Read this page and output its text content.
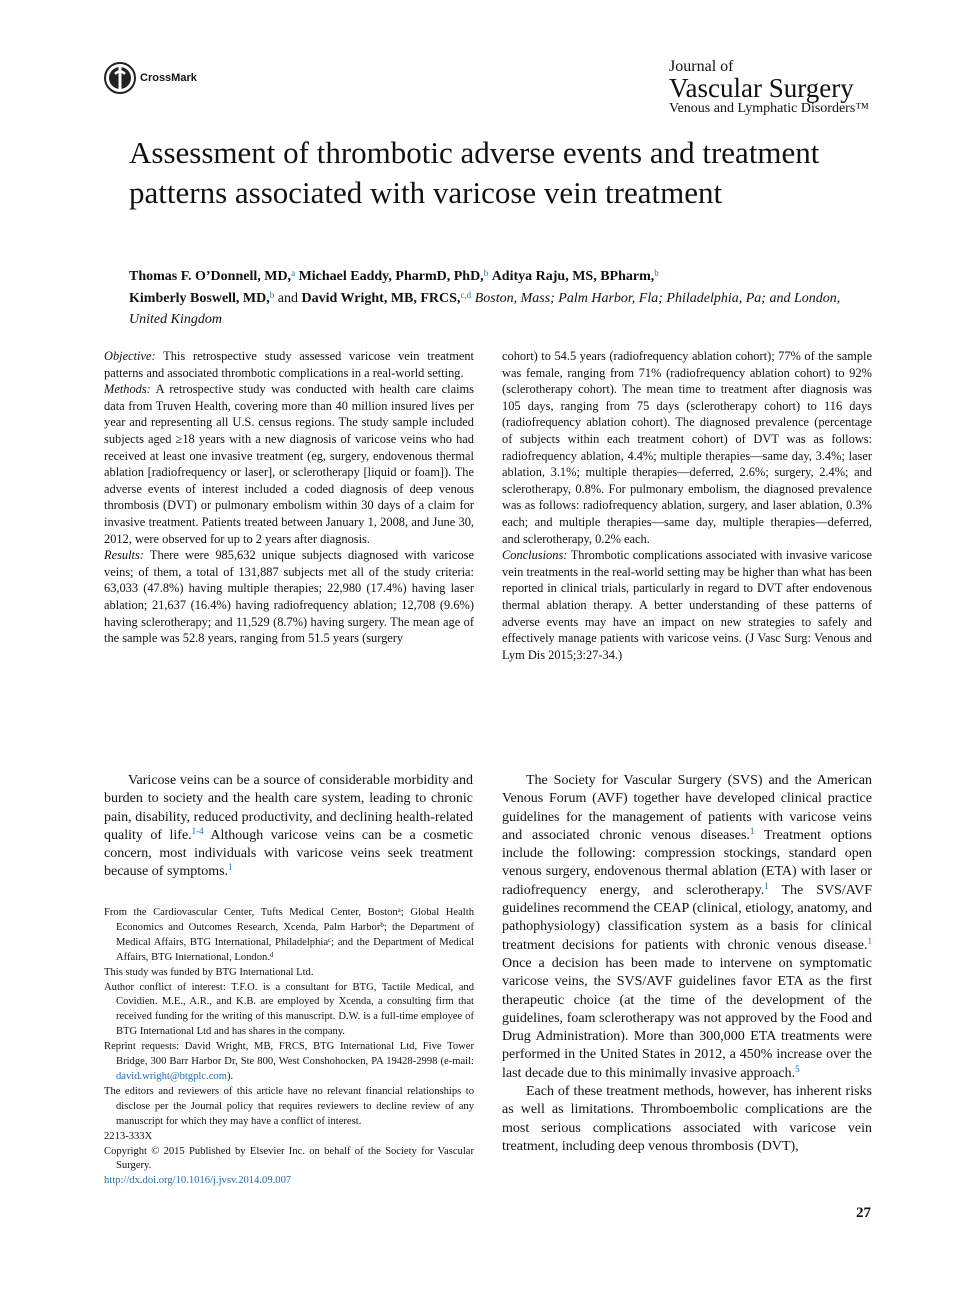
CrossMark
Journal of
Vascular Surgery
Venous and Lymphatic Disorders™
Assessment of thrombotic adverse events and treatment patterns associated with varicose vein treatment
Thomas F. O’Donnell, MD,$^a$ Michael Eaddy, PharmD, PhD,$^b$ Aditya Raju, MS, BPharm,$^b$
Kimberly Boswell, MD,$^b$ and David Wright, MB, FRCS,$^{c,d}$ Boston, Mass; Palm Harbor, Fla; Philadelphia, Pa; and London, United Kingdom

Objective: This retrospective study assessed varicose vein treatment patterns and associated thrombotic complications in a real-world setting.

Methods: A retrospective study was conducted with health care claims data from Truven Health, covering more than 40 million insured lives per year and representing all U.S. census regions. The study sample included subjects aged ≥18 years with a new diagnosis of varicose veins who had received at least one invasive treatment (eg, surgery, endovenous thermal ablation [radiofrequency or laser], or sclerotherapy [liquid or foam]). The adverse events of interest included a coded diagnosis of deep venous thrombosis (DVT) or pulmonary embolism within 30 days of a claim for invasive treatment. Patients treated between January 1, 2008, and June 30, 2012, were observed for up to 2 years after diagnosis.

Results: There were 985,632 unique subjects diagnosed with varicose veins; of them, a total of 131,887 subjects met all of the study criteria: 63,033 (47.8%) having multiple therapies; 22,980 (17.4%) having laser ablation; 21,637 (16.4%) having radiofrequency ablation; 12,708 (9.6%) having sclerotherapy; and 11,529 (8.7%) having surgery. The mean age of the sample was 52.8 years, ranging from 51.5 years (surgery

cohort) to 54.5 years (radiofrequency ablation cohort); 77% of the sample was female, ranging from 71% (radiofrequency ablation cohort) to 92% (sclerotherapy cohort). The mean time to treatment after diagnosis was 105 days, ranging from 75 days (sclerotherapy cohort) to 116 days (radiofrequency ablation cohort). The diagnosed prevalence (percentage of subjects within each treatment cohort) of DVT was as follows: radiofrequency ablation, 4.4%; multiple therapies—same day, 3.4%; laser ablation, 3.1%; multiple therapies—deferred, 2.6%; surgery, 2.4%; and sclerotherapy, 0.8%. For pulmonary embolism, the diagnosed prevalence was as follows: radiofrequency ablation, surgery, and laser ablation, 0.3% each; and multiple therapies—same day, multiple therapies—deferred, and sclerotherapy, 0.2% each.

Conclusions: Thrombotic complications associated with invasive varicose vein treatments in the real-world setting may be higher than what has been reported in clinical trials, particularly in regard to DVT after endovenous thermal ablation therapy. A better understanding of these patterns of adverse events may have an impact on new strategies to safely and effectively manage patients with varicose veins. (J Vasc Surg: Venous and Lym Dis 2015;3:27-34.)

Varicose veins can be a source of considerable morbidity and burden to society and the health care system, leading to chronic pain, disability, reduced productivity, and declining health-related quality of life.$^{1-4}$ Although varicose veins can be a cosmetic concern, most individuals with varicose veins seek treatment because of symptoms.$^1$

From the Cardiovascular Center, Tufts Medical Center, Boston$^a$; Global Health Economics and Outcomes Research, Xcenda, Palm Harbor$^b$; the Department of Medical Affairs, BTG International, Philadelphia$^c$; and the Department of Medical Affairs, BTG International, London.$^d$

This study was funded by BTG International Ltd.

Author conflict of interest: T.F.O. is a consultant for BTG, Tactile Medical, and Covidien. M.E., A.R., and K.B. are employed by Xcenda, a consulting firm that received funding for the writing of this manuscript. D.W. is a full-time employee of BTG International Ltd and has shares in the company.

Reprint requests: David Wright, MB, FRCS, BTG International Ltd, Five Tower Bridge, 300 Barr Harbor Dr, Ste 800, West Conshohocken, PA 19428-2998 (e-mail: david.wright@btgplc.com).

The editors and reviewers of this article have no relevant financial relationships to disclose per the Journal policy that requires reviewers to decline review of any manuscript for which they may have a conflict of interest.

2213-333X

Copyright © 2015 Published by Elsevier Inc. on behalf of the Society for Vascular Surgery.

http://dx.doi.org/10.1016/j.jvsv.2014.09.007

The Society for Vascular Surgery (SVS) and the American Venous Forum (AVF) together have developed clinical practice guidelines for the management of patients with varicose veins and associated chronic venous diseases.$^1$ Treatment options include the following: compression stockings, standard open venous surgery, endovenous thermal ablation (ETA) with laser or radiofrequency energy, and sclerotherapy.$^1$ The SVS/AVF guidelines recommend the CEAP (clinical, etiology, anatomy, and pathophysiology) classification system as a basis for clinical treatment decisions for patients with chronic venous disease.$^1$ Once a decision has been made to intervene on symptomatic varicose veins, the SVS/AVF guidelines favor ETA as the first therapeutic choice (at the time of the development of the guidelines, foam sclerotherapy was not approved by the Food and Drug Administration). More than 300,000 ETA treatments were performed in the United States in 2012, a 450% increase over the last decade due to this minimally invasive approach.$^5$

Each of these treatment methods, however, has inherent risks as well as limitations. Thromboembolic complications are the most serious complications associated with varicose vein treatment, including deep venous thrombosis (DVT),

27
